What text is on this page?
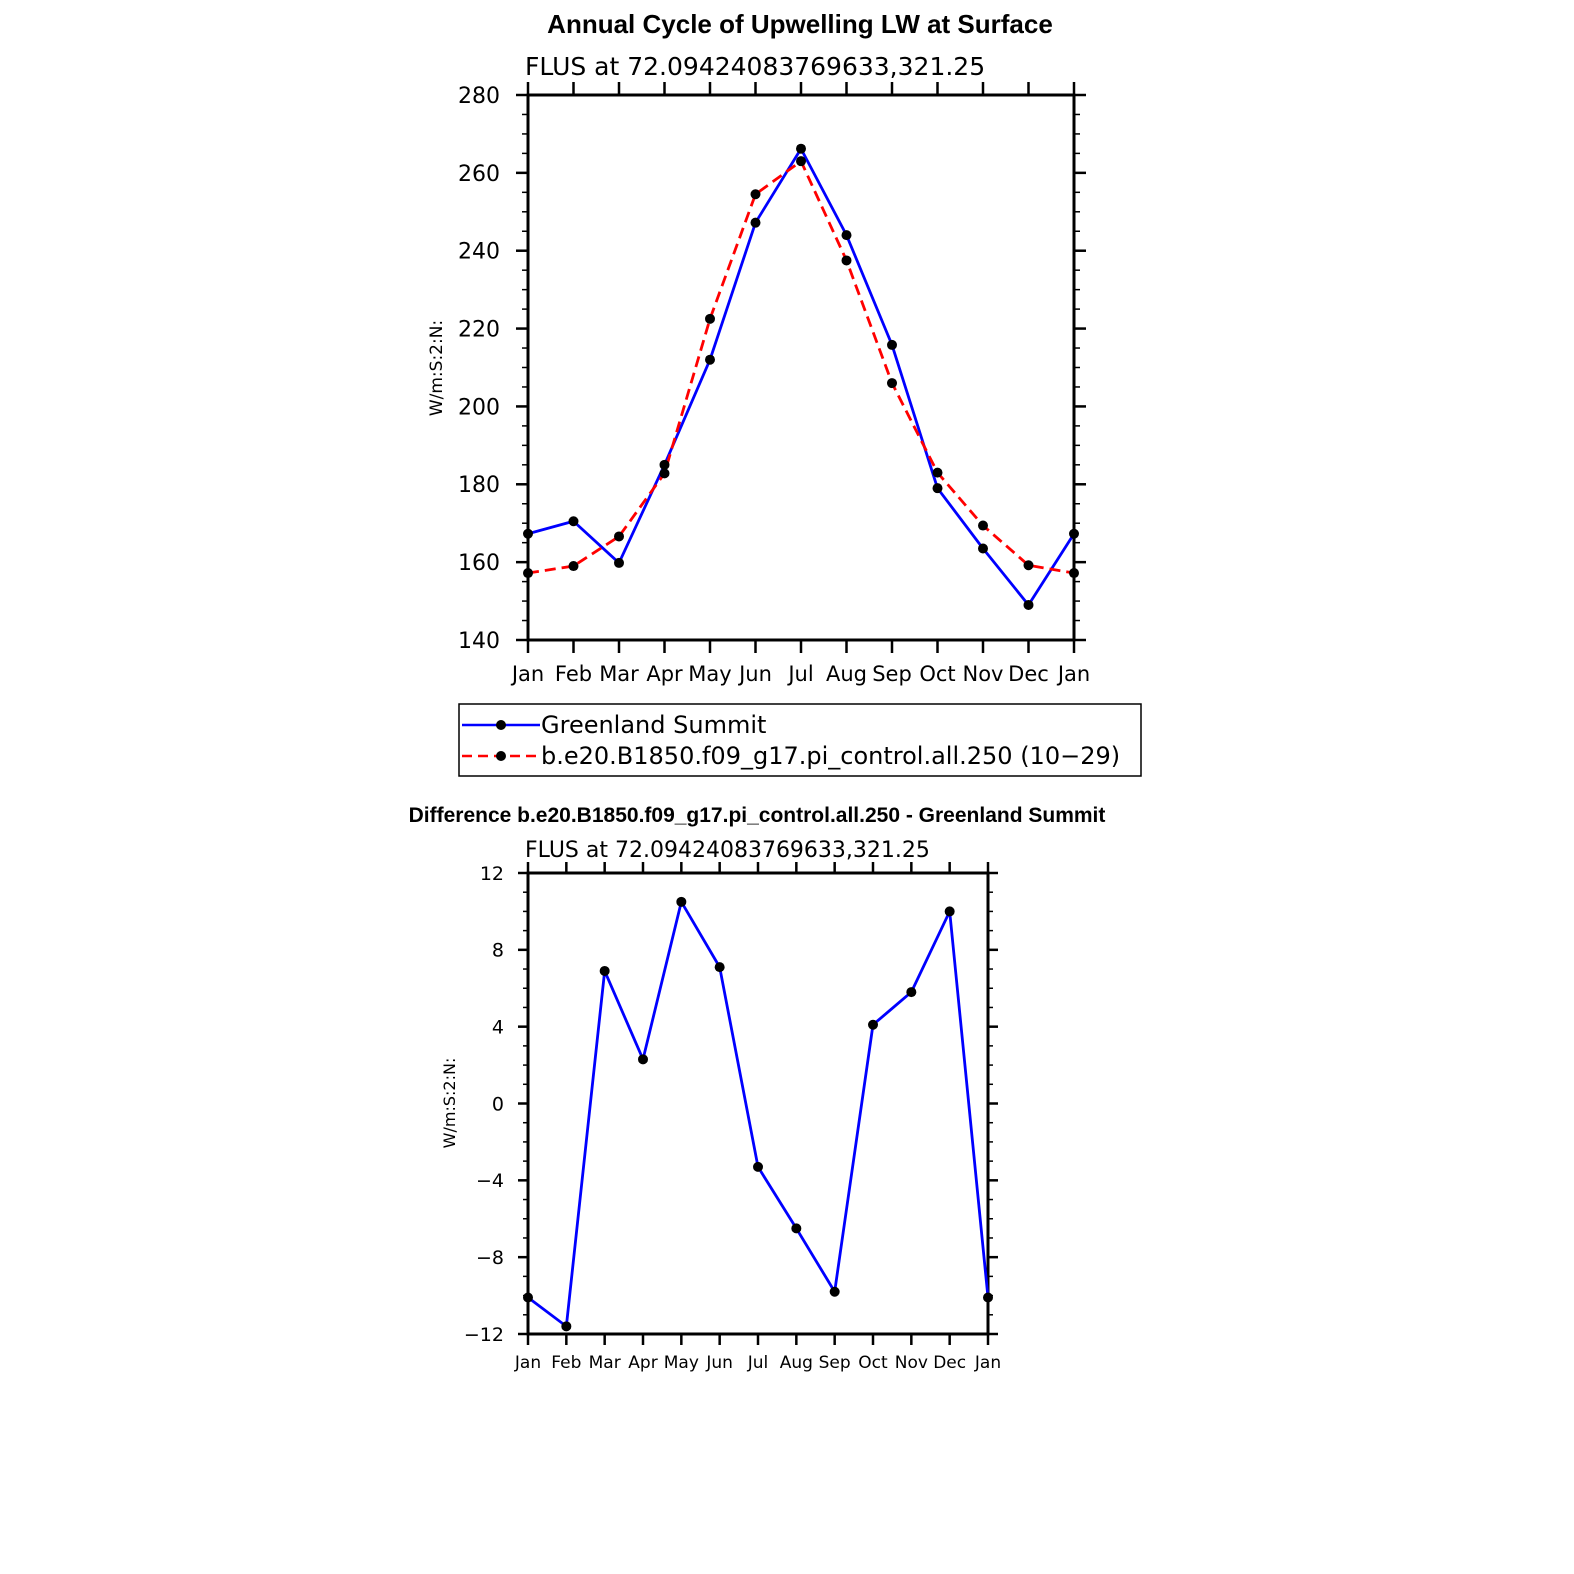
Annual Cycle of Upwelling LW at Surface
FLUS at 72.09424083769633,321.25
W/m:S:2:N:
Jan Feb Mar Apr May Jun Jul Aug Sep Oct Nov Dec Jan
140
160
180
200
220
240
260
280
Greenland Summit
b.e20.B1850.f09_g17.pi_control.all.250 (10−29)
Difference b.e20.B1850.f09_g17.pi_control.all.250 - Greenland Summit
FLUS at 72.09424083769633,321.25
W/m:S:2:N:
Jan Feb Mar Apr May Jun Jul Aug Sep Oct Nov Dec Jan
−12
−8
−4
0
4
8
12
